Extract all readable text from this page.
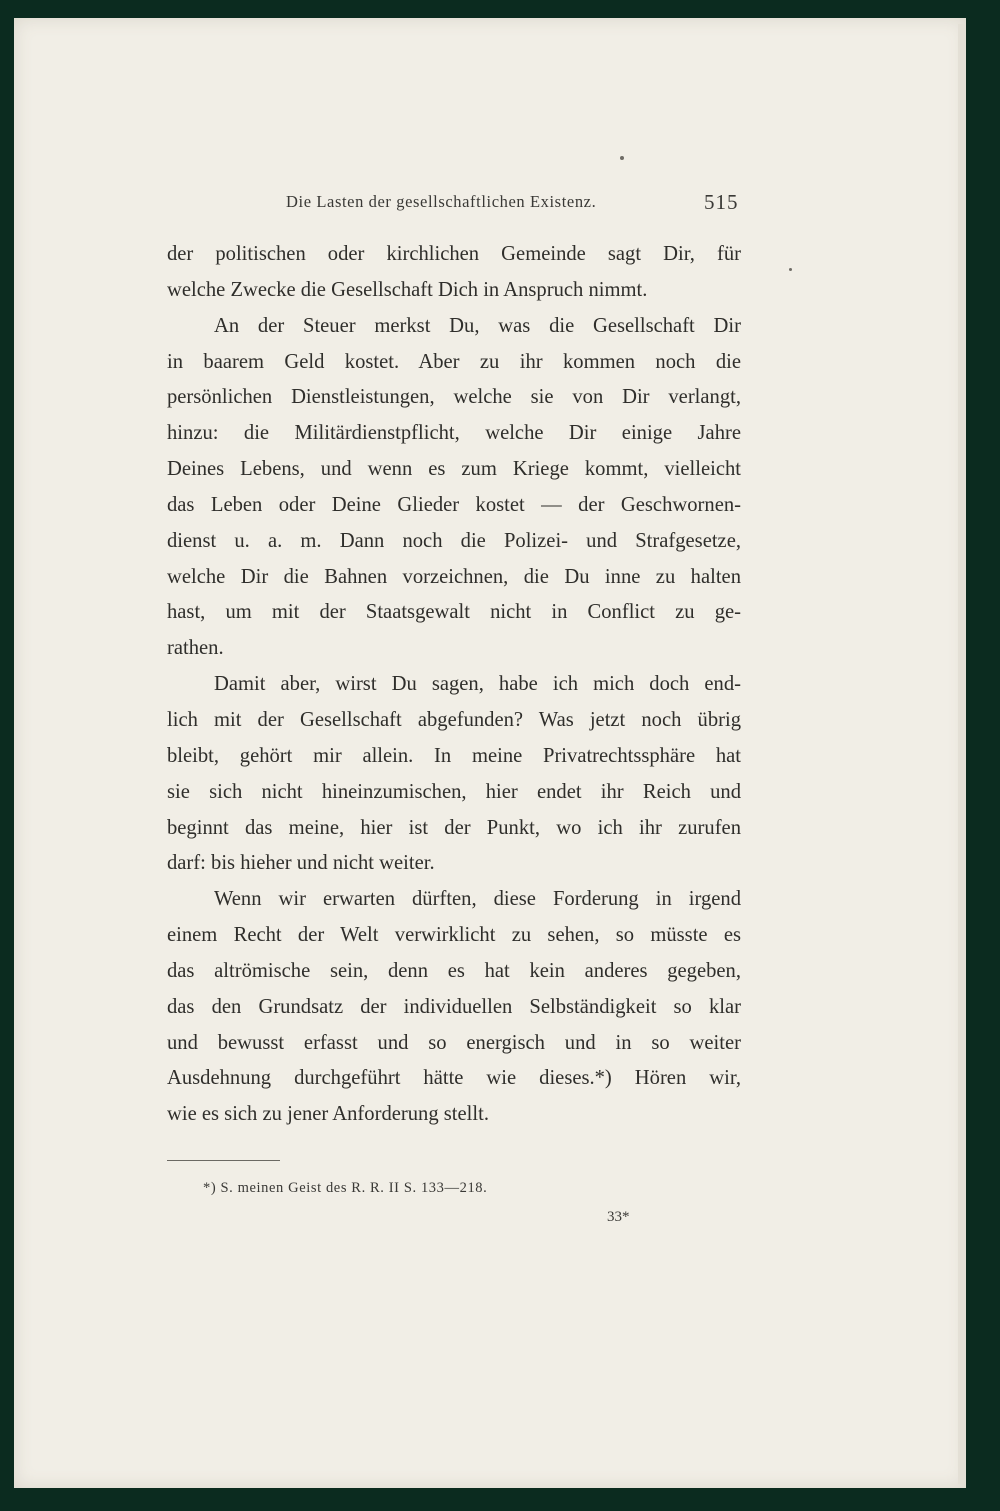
Die Lasten der gesellschaftlichen Existenz.	515
der politischen oder kirchlichen Gemeinde sagt Dir, für
welche Zwecke die Gesellschaft Dich in Anspruch nimmt.
An der Steuer merkst Du, was die Gesellschaft Dir
in baarem Geld kostet. Aber zu ihr kommen noch die
persönlichen Dienstleistungen, welche sie von Dir verlangt,
hinzu: die Militärdienstpflicht, welche Dir einige Jahre
Deines Lebens, und wenn es zum Kriege kommt, vielleicht
das Leben oder Deine Glieder kostet — der Geschwornen-
dienst u. a. m. Dann noch die Polizei- und Strafgesetze,
welche Dir die Bahnen vorzeichnen, die Du inne zu halten
hast, um mit der Staatsgewalt nicht in Conflict zu ge-
rathen.
Damit aber, wirst Du sagen, habe ich mich doch end-
lich mit der Gesellschaft abgefunden? Was jetzt noch übrig
bleibt, gehört mir allein. In meine Privatrechtssphäre hat
sie sich nicht hineinzumischen, hier endet ihr Reich und
beginnt das meine, hier ist der Punkt, wo ich ihr zurufen
darf: bis hieher und nicht weiter.
Wenn wir erwarten dürften, diese Forderung in irgend
einem Recht der Welt verwirklicht zu sehen, so müsste es
das altrömische sein, denn es hat kein anderes gegeben,
das den Grundsatz der individuellen Selbständigkeit so klar
und bewusst erfasst und so energisch und in so weiter
Ausdehnung durchgeführt hätte wie dieses.*) Hören wir,
wie es sich zu jener Anforderung stellt.
*) S. meinen Geist des R. R. II S. 133—218.
33*
